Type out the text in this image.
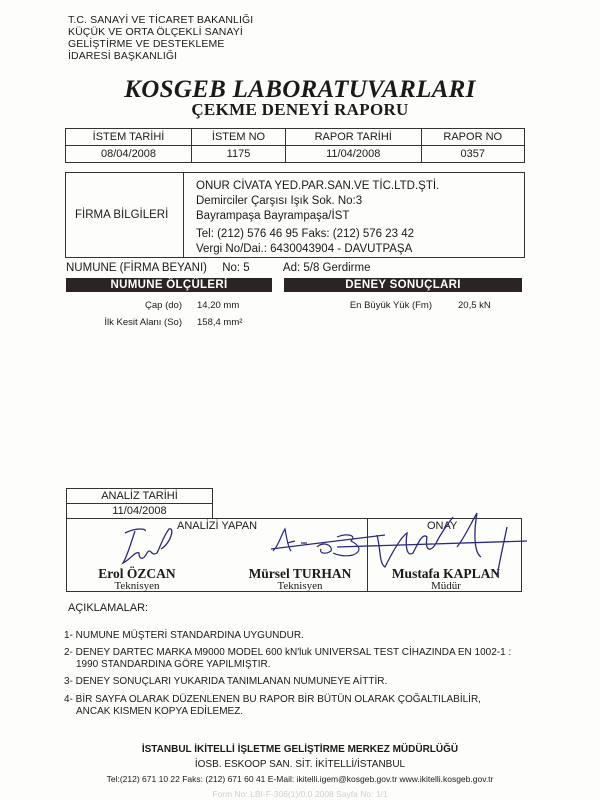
T.C. SANAYİ VE TİCARET BAKANLIĞI
KÜÇÜK VE ORTA ÖLÇEKLİ SANAYİ
GELİŞTİRME VE DESTEKLEME
İDARESİ BAŞKANLIĞI
KOSGEB LABORATUVARLARI
ÇEKME DENEYİ RAPORU
İSTEM TARİHİ	İSTEM NO	RAPOR TARİHİ	RAPOR NO
08/04/2008	1175	11/04/2008	0357
FİRMA BİLGİLERİ
ONUR CİVATA YED.PAR.SAN.VE TİC.LTD.ŞTİ.
Demirciler Çarşısı Işık Sok. No:3
Bayrampaşa Bayrampaşa/İST
Tel: (212) 576 46 95 Faks: (212) 576 23 42
Vergi No/Dai.: 6430043904 - DAVUTPAŞA
NUMUNE (FİRMA BEYANI) No: 5	Ad: 5/8 Gerdirme
NUMUNE ÖLÇÜLERİ	DENEY SONUÇLARI
Çap (do) 14,20 mm
İlk Kesit Alanı (So) 158,4 mm²
En Büyük Yük (Fm)	20,5 kN
ANALİZ TARİHİ
11/04/2008
ANALİZİ YAPAN	ONAY
Erol ÖZCAN
Teknisyen
Mürsel TURHAN
Teknisyen
Mustafa KAPLAN
Müdür
AÇIKLAMALAR:
1- NUMUNE MÜŞTERİ STANDARDINA UYGUNDUR.
2- DENEY DARTEC MARKA M9000 MODEL 600 kN'luk UNIVERSAL TEST CİHAZINDA EN 1002-1 :
1990 STANDARDINA GÖRE YAPILMIŞTIR.
3- DENEY SONUÇLARI YUKARIDA TANIMLANAN NUMUNEYE AİTTİR.
4- BİR SAYFA OLARAK DÜZENLENEN BU RAPOR BİR BÜTÜN OLARAK ÇOĞALTILABİLİR,
ANCAK KISMEN KOPYA EDİLEMEZ.
İSTANBUL İKİTELLİ İŞLETME GELİŞTİRME MERKEZ MÜDÜRLÜĞÜ
İOSB. ESKOOP SAN. SİT. İKİTELLİ/İSTANBUL
Tel:(212) 671 10 22 Faks: (212) 671 60 41 E-Mail: ikitelli.igem@kosgeb.gov.tr www.ikitelli.kosgeb.gov.tr
Form No: LBI-F-306(1)/0.0 2008 Sayfa No: 1/1
